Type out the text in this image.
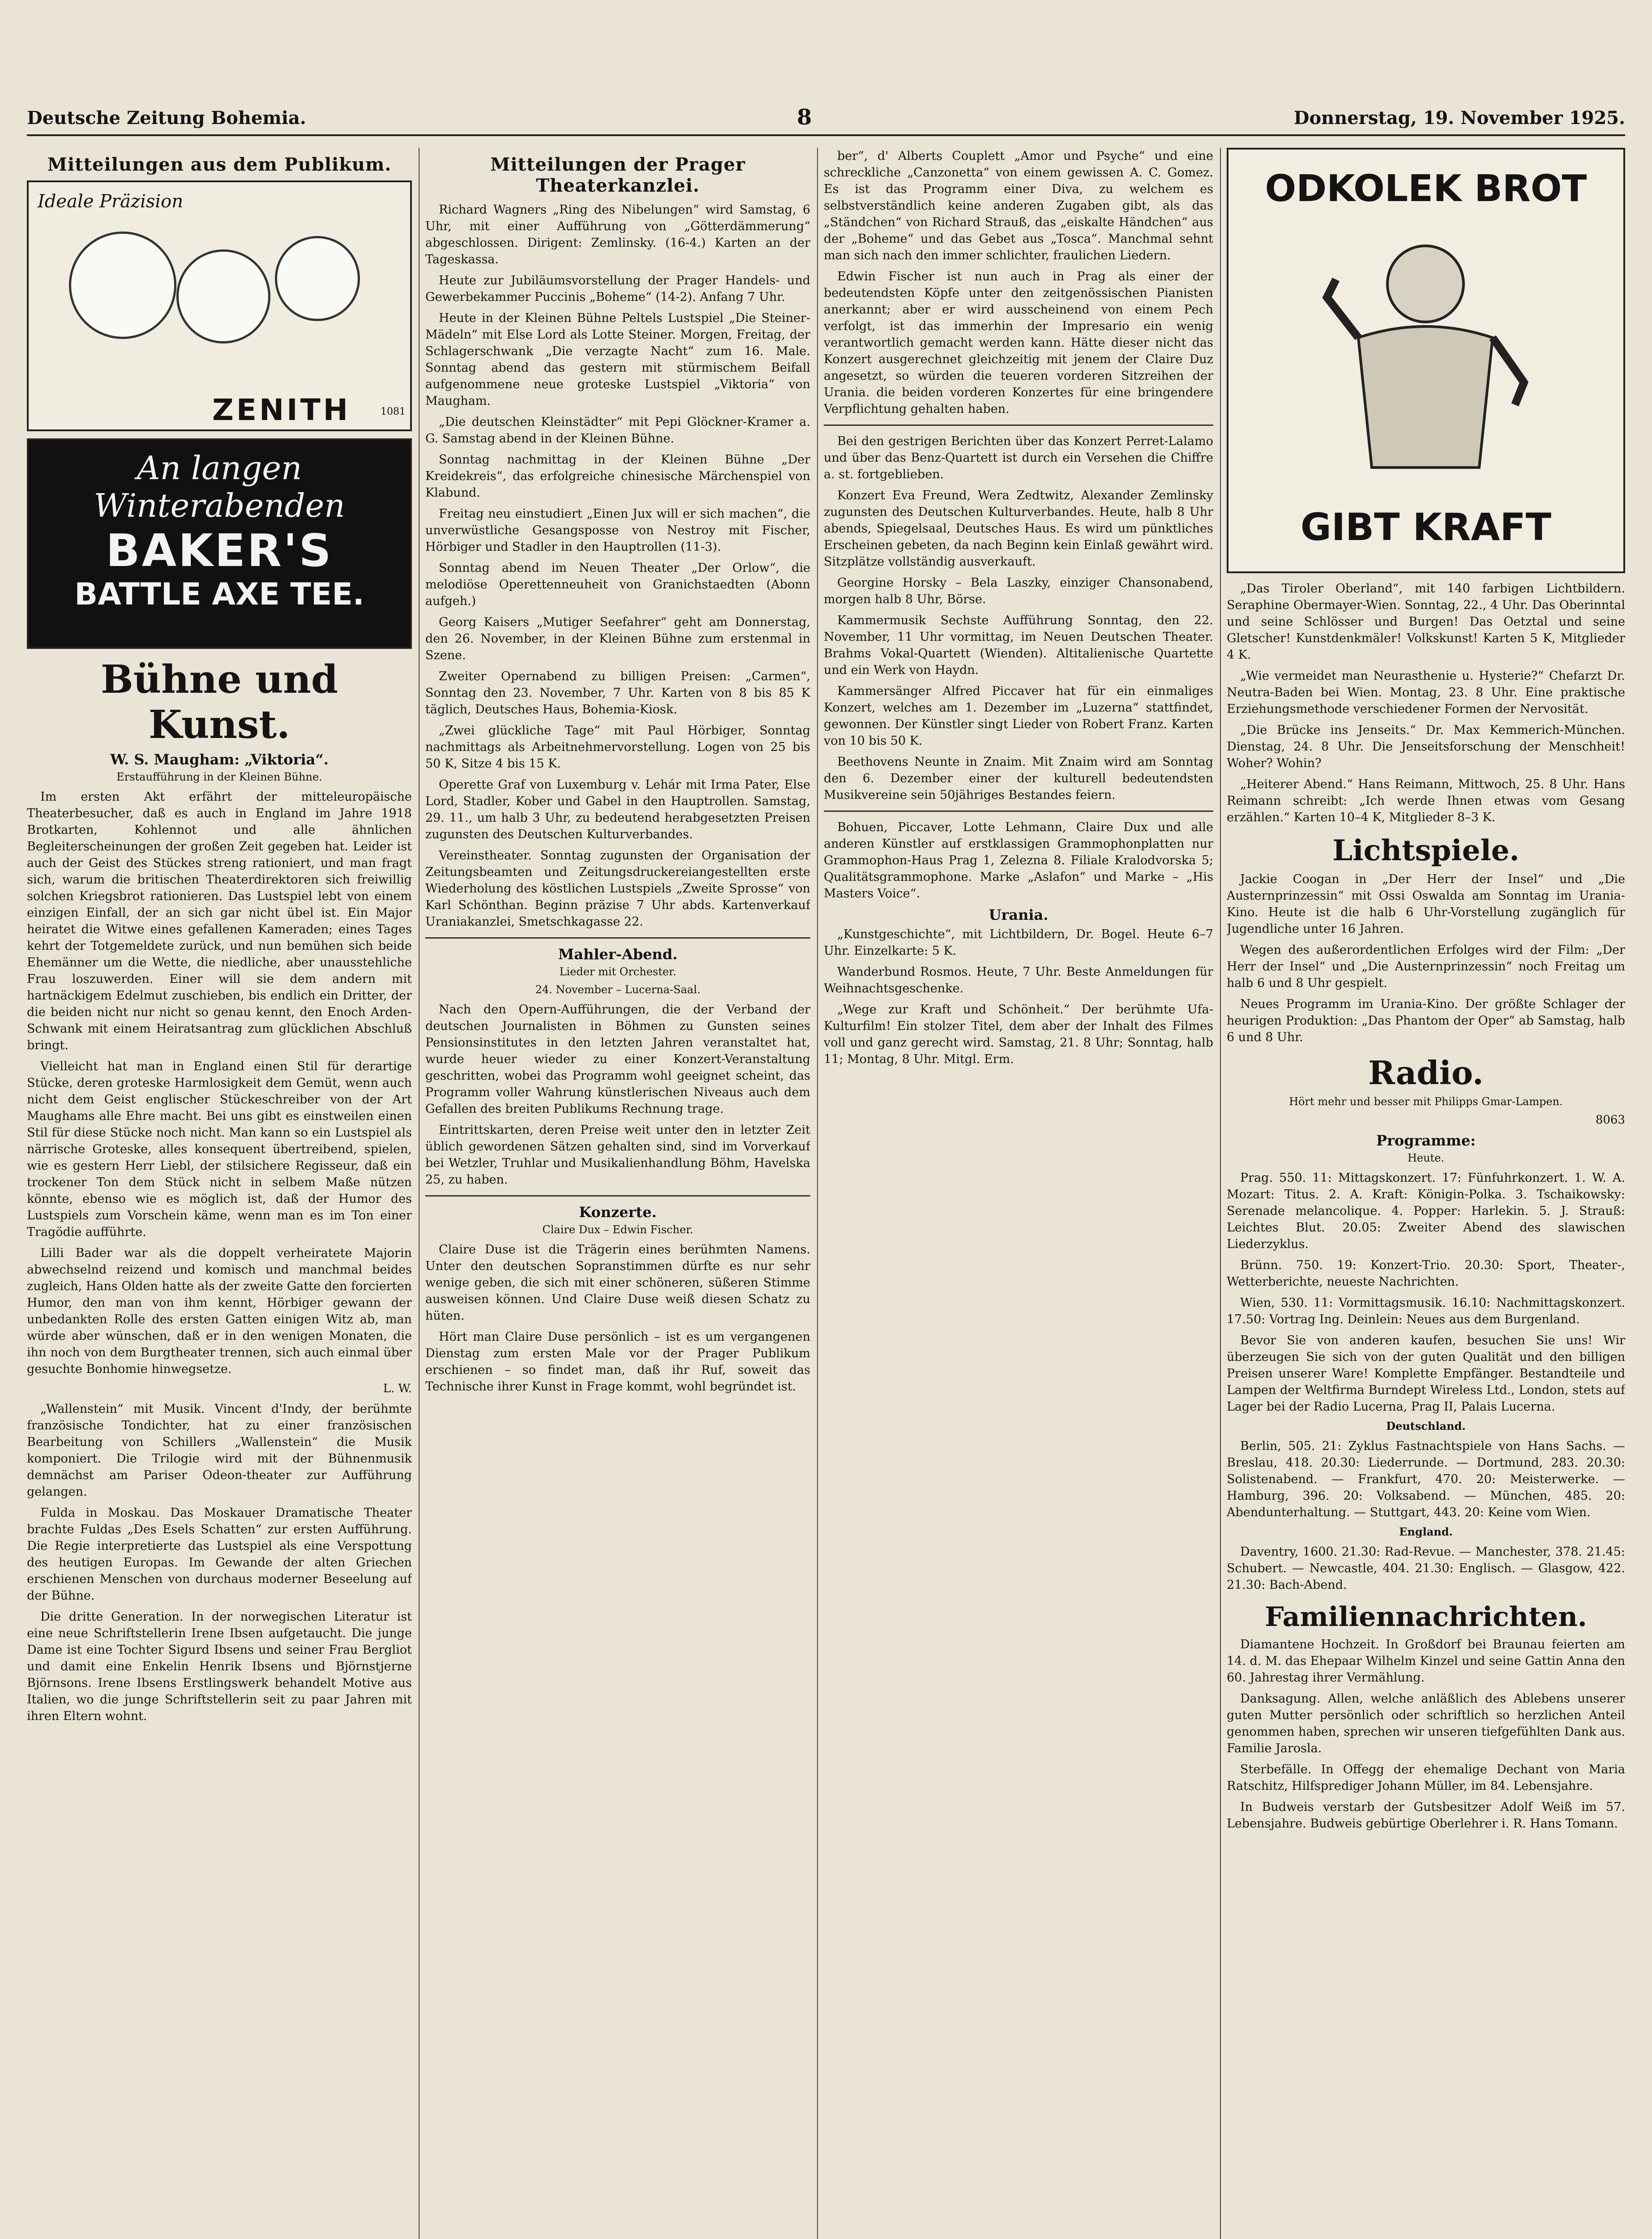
Deutsche Zeitung Bohemia.	8	Donnerstag, 19. November 1925.
Mitteilungen aus dem Publikum.
Ideale Präzision
ZENITH	1081
An langen
Winterabenden
BAKER'S
BATTLE AXE TEE.
Bühne und Kunst.
W. S. Maugham: „Viktoria“.
Erstaufführung in der Kleinen Bühne.

Im ersten Akt erfährt der mitteleuropäische Theaterbesucher, daß es auch in England im Jahre 1918 Brotkarten, Kohlennot und alle ähnlichen Begleiterscheinungen der großen Zeit gegeben hat. Leider ist auch der Geist des Stückes streng rationiert, und man fragt sich, warum die britischen Theaterdirektoren sich freiwillig solchen Kriegsbrot rationieren. Das Lustspiel lebt von einem einzigen Einfall, der an sich gar nicht übel ist. Ein Major heiratet die Witwe eines gefallenen Kameraden; eines Tages kehrt der Totgemeldete zurück, und nun bemühen sich beide Ehemänner um die Wette, die niedliche, aber unausstehliche Frau loszuwerden. Einer will sie dem andern mit hartnäckigem Edelmut zuschieben, bis endlich ein Dritter, der die beiden nicht nur nicht so genau kennt, den Enoch Arden-Schwank mit einem Heiratsantrag zum glücklichen Abschluß bringt.

Vielleicht hat man in England einen Stil für derartige Stücke, deren groteske Harmlosigkeit dem Gemüt, wenn auch nicht dem Geist englischer Stückeschreiber von der Art Maughams alle Ehre macht. Bei uns gibt es einstweilen einen Stil für diese Stücke noch nicht. Man kann so ein Lustspiel als närrische Groteske, alles konsequent übertreibend, spielen, wie es gestern Herr Liebl, der stilsichere Regisseur, daß ein trockener Ton dem Stück nicht in selbem Maße nützen könnte, ebenso wie es möglich ist, daß der Humor des Lustspiels zum Vorschein käme, wenn man es im Ton einer Tragödie aufführte.

Lilli Bader war als die doppelt verheiratete Majorin abwechselnd reizend und komisch und manchmal beides zugleich, Hans Olden hatte als der zweite Gatte den forcierten Humor, den man von ihm kennt, Hörbiger gewann der unbedankten Rolle des ersten Gatten einigen Witz ab, man würde aber wünschen, daß er in den wenigen Monaten, die ihn noch von dem Burgtheater trennen, sich auch einmal über gesuchte Bonhomie hinwegsetze.

L. W.

„Wallenstein“ mit Musik. Vincent d'Indy, der berühmte französische Tondichter, hat zu einer französischen Bearbeitung von Schillers „Wallenstein“ die Musik komponiert. Die Trilogie wird mit der Bühnenmusik demnächst am Pariser Odeon-theater zur Aufführung gelangen.

Fulda in Moskau. Das Moskauer Dramatische Theater brachte Fuldas „Des Esels Schatten“ zur ersten Aufführung. Die Regie interpretierte das Lustspiel als eine Verspottung des heutigen Europas. Im Gewande der alten Griechen erschienen Menschen von durchaus moderner Beseelung auf der Bühne.

Die dritte Generation. In der norwegischen Literatur ist eine neue Schriftstellerin Irene Ibsen aufgetaucht. Die junge Dame ist eine Tochter Sigurd Ibsens und seiner Frau Bergliot und damit eine Enkelin Henrik Ibsens und Björnstjerne Björnsons. Irene Ibsens Erstlingswerk behandelt Motive aus Italien, wo die junge Schriftstellerin seit zu paar Jahren mit ihren Eltern wohnt.

Mitteilungen der Prager Theaterkanzlei.

Richard Wagners „Ring des Nibelungen“ wird Samstag, 6 Uhr, mit einer Aufführung von „Götterdämmerung“ abgeschlossen. Dirigent: Zemlinsky. (16-4.) Karten an der Tageskassa.

Heute zur Jubiläumsvorstellung der Prager Handels- und Gewerbekammer Puccinis „Boheme“ (14-2). Anfang 7 Uhr.

Heute in der Kleinen Bühne Peltels Lustspiel „Die Steiner-Mädeln“ mit Else Lord als Lotte Steiner. Morgen, Freitag, der Schlagerschwank „Die verzagte Nacht“ zum 16. Male. Sonntag abend das gestern mit stürmischem Beifall aufgenommene neue groteske Lustspiel „Viktoria“ von Maugham.

„Die deutschen Kleinstädter“ mit Pepi Glöckner-Kramer a. G. Samstag abend in der Kleinen Bühne.

Sonntag nachmittag in der Kleinen Bühne „Der Kreidekreis“, das erfolgreiche chinesische Märchenspiel von Klabund.

Freitag neu einstudiert „Einen Jux will er sich machen“, die unverwüstliche Gesangsposse von Nestroy mit Fischer, Hörbiger und Stadler in den Hauptrollen (11-3).

Sonntag abend im Neuen Theater „Der Orlow“, die melodiöse Operettenneuheit von Granichstaedten (Abonn aufgeh.)

Georg Kaisers „Mutiger Seefahrer“ geht am Donnerstag, den 26. November, in der Kleinen Bühne zum erstenmal in Szene.

Zweiter Opernabend zu billigen Preisen: „Carmen“, Sonntag den 23. November, 7 Uhr. Karten von 8 bis 85 K täglich, Deutsches Haus, Bohemia-Kiosk.

„Zwei glückliche Tage“ mit Paul Hörbiger, Sonntag nachmittags als Arbeitnehmervorstellung. Logen von 25 bis 50 K, Sitze 4 bis 15 K.

Operette Graf von Luxemburg v. Lehár mit Irma Pater, Else Lord, Stadler, Kober und Gabel in den Hauptrollen. Samstag, 29. 11., um halb 3 Uhr, zu bedeutend herabgesetzten Preisen zugunsten des Deutschen Kulturverbandes.

Vereinstheater. Sonntag zugunsten der Organisation der Zeitungsbeamten und Zeitungsdruckereiangestellten erste Wiederholung des köstlichen Lustspiels „Zweite Sprosse“ von Karl Schönthan. Beginn präzise 7 Uhr abds. Kartenverkauf Uraniakanzlei, Smetschkagasse 22.

Mahler-Abend.
Lieder mit Orchester.
24. November – Lucerna-Saal.

Nach den Opern-Aufführungen, die der Verband der deutschen Journalisten in Böhmen zu Gunsten seines Pensionsinstitutes in den letzten Jahren veranstaltet hat, wurde heuer wieder zu einer Konzert-Veranstaltung geschritten, wobei das Programm wohl geeignet scheint, das Programm voller Wahrung künstlerischen Niveaus auch dem Gefallen des breiten Publikums Rechnung trage.

Eintrittskarten, deren Preise weit unter den in letzter Zeit üblich gewordenen Sätzen gehalten sind, sind im Vorverkauf bei Wetzler, Truhlar und Musikalienhandlung Böhm, Havelska 25, zu haben.

Konzerte.
Claire Dux – Edwin Fischer.

Claire Duse ist die Trägerin eines berühmten Namens. Unter den deutschen Sopranstimmen dürfte es nur sehr wenige geben, die sich mit einer schöneren, süßeren Stimme ausweisen können. Und Claire Duse weiß diesen Schatz zu hüten.

Hört man Claire Duse persönlich – ist es um vergangenen Dienstag zum ersten Male vor der Prager Publikum erschienen – so findet man, daß ihr Ruf, soweit das Technische ihrer Kunst in Frage kommt, wohl begründet ist.

ber“, d' Alberts Couplett „Amor und Psyche“ und eine schreckliche „Canzonetta“ von einem gewissen A. C. Gomez. Es ist das Programm einer Diva, zu welchem es selbstverständlich keine anderen Zugaben gibt, als das „Ständchen“ von Richard Strauß, das „eiskalte Händchen“ aus der „Boheme“ und das Gebet aus „Tosca“. Manchmal sehnt man sich nach den immer schlichter, fraulichen Liedern.

Edwin Fischer ist nun auch in Prag als einer der bedeutendsten Köpfe unter den zeitgenössischen Pianisten anerkannt; aber er wird ausscheinend von einem Pech verfolgt, ist das immerhin der Impresario ein wenig verantwortlich gemacht werden kann. Hätte dieser nicht das Konzert ausgerechnet gleichzeitig mit jenem der Claire Duz angesetzt, so würden die teueren vorderen Sitzreihen der Urania. die beiden vorderen Konzertes für eine bringendere Verpflichtung gehalten haben.

Bei den gestrigen Berichten über das Konzert Perret-Lalamo und über das Benz-Quartett ist durch ein Versehen die Chiffre a. st. fortgeblieben.

Konzert Eva Freund, Wera Zedtwitz, Alexander Zemlinsky zugunsten des Deutschen Kulturverbandes. Heute, halb 8 Uhr abends, Spiegelsaal, Deutsches Haus. Es wird um pünktliches Erscheinen gebeten, da nach Beginn kein Einlaß gewährt wird. Sitzplätze vollständig ausverkauft.

Georgine Horsky – Bela Laszky, einziger Chansonabend, morgen halb 8 Uhr, Börse.

Kammermusik Sechste Aufführung Sonntag, den 22. November, 11 Uhr vormittag, im Neuen Deutschen Theater. Brahms Vokal-Quartett (Wienden). Altitalienische Quartette und ein Werk von Haydn.

Kammersänger Alfred Piccaver hat für ein einmaliges Konzert, welches am 1. Dezember im „Luzerna“ stattfindet, gewonnen. Der Künstler singt Lieder von Robert Franz. Karten von 10 bis 50 K.

Beethovens Neunte in Znaim. Mit Znaim wird am Sonntag den 6. Dezember einer der kulturell bedeutendsten Musikvereine sein 50jähriges Bestandes feiern.

Bohuen, Piccaver, Lotte Lehmann, Claire Dux und alle anderen Künstler auf erstklassigen Grammophonplatten nur Grammophon-Haus Prag 1, Zelezna 8. Filiale Kralodvorska 5; Qualitätsgrammophone. Marke „Aslafon“ und Marke – „His Masters Voice“.

Urania.

„Kunstgeschichte“, mit Lichtbildern, Dr. Bogel. Heute 6–7 Uhr. Einzelkarte: 5 K.

Wanderbund Rosmos. Heute, 7 Uhr. Beste Anmeldungen für Weihnachtsgeschenke.

„Wege zur Kraft und Schönheit.“ Der berühmte Ufa-Kulturfilm! Ein stolzer Titel, dem aber der Inhalt des Filmes voll und ganz gerecht wird. Samstag, 21. 8 Uhr; Sonntag, halb 11; Montag, 8 Uhr. Mitgl. Erm.

ODKOLEK BROT
GIBT KRAFT

„Das Tiroler Oberland“, mit 140 farbigen Lichtbildern. Seraphine Obermayer-Wien. Sonntag, 22., 4 Uhr. Das Oberinntal und seine Schlösser und Burgen! Das Oetztal und seine Gletscher! Kunstdenkmäler! Volkskunst! Karten 5 K, Mitglieder 4 K.

„Wie vermeidet man Neurasthenie u. Hysterie?“ Chefarzt Dr. Neutra-Baden bei Wien. Montag, 23. 8 Uhr. Eine praktische Erziehungsmethode verschiedener Formen der Nervosität.

„Die Brücke ins Jenseits.“ Dr. Max Kemmerich-München. Dienstag, 24. 8 Uhr. Die Jenseitsforschung der Menschheit! Woher? Wohin?

„Heiterer Abend.“ Hans Reimann, Mittwoch, 25. 8 Uhr. Hans Reimann schreibt: „Ich werde Ihnen etwas vom Gesang erzählen.“ Karten 10–4 K, Mitglieder 8–3 K.

Lichtspiele.

Jackie Coogan in „Der Herr der Insel“ und „Die Austernprinzessin“ mit Ossi Oswalda am Sonntag im Urania-Kino. Heute ist die halb 6 Uhr-Vorstellung zugänglich für Jugendliche unter 16 Jahren.

Wegen des außerordentlichen Erfolges wird der Film: „Der Herr der Insel“ und „Die Austernprinzessin“ noch Freitag um halb 6 und 8 Uhr gespielt.

Neues Programm im Urania-Kino. Der größte Schlager der heurigen Produktion: „Das Phantom der Oper“ ab Samstag, halb 6 und 8 Uhr.

Radio.
Hört mehr und besser mit Philipps Gmar-Lampen.
8063
Programme:
Heute.

Prag. 550. 11: Mittagskonzert. 17: Fünfuhrkonzert. 1. W. A. Mozart: Titus. 2. A. Kraft: Königin-Polka. 3. Tschaikowsky: Serenade melancolique. 4. Popper: Harlekin. 5. J. Strauß: Leichtes Blut. 20.05: Zweiter Abend des slawischen Liederzyklus.

Brünn. 750. 19: Konzert-Trio. 20.30: Sport, Theater-, Wetterberichte, neueste Nachrichten.

Wien, 530. 11: Vormittagsmusik. 16.10: Nachmittagskonzert. 17.50: Vortrag Ing. Deinlein: Neues aus dem Burgenland.

Bevor Sie von anderen kaufen, besuchen Sie uns! Wir überzeugen Sie sich von der guten Qualität und den billigen Preisen unserer Ware! Komplette Empfänger. Bestandteile und Lampen der Weltfirma Burndept Wireless Ltd., London, stets auf Lager bei der Radio Lucerna, Prag II, Palais Lucerna.

Deutschland.

Berlin, 505. 21: Zyklus Fastnachtspiele von Hans Sachs. — Breslau, 418. 20.30: Liederrunde. — Dortmund, 283. 20.30: Solistenabend. — Frankfurt, 470. 20: Meisterwerke. — Hamburg, 396. 20: Volksabend. — München, 485. 20: Abendunterhaltung. — Stuttgart, 443. 20: Keine vom Wien.

England.

Daventry, 1600. 21.30: Rad-Revue. — Manchester, 378. 21.45: Schubert. — Newcastle, 404. 21.30: Englisch. — Glasgow, 422. 21.30: Bach-Abend.

Familiennachrichten.

Diamantene Hochzeit. In Großdorf bei Braunau feierten am 14. d. M. das Ehepaar Wilhelm Kinzel und seine Gattin Anna den 60. Jahrestag ihrer Vermählung.

Danksagung. Allen, welche anläßlich des Ablebens unserer guten Mutter persönlich oder schriftlich so herzlichen Anteil genommen haben, sprechen wir unseren tiefgefühlten Dank aus. Familie Jarosla.

Sterbefälle. In Offegg der ehemalige Dechant von Maria Ratschitz, Hilfsprediger Johann Müller, im 84. Lebensjahre.

In Budweis verstarb der Gutsbesitzer Adolf Weiß im 57. Lebensjahre. Budweis gebürtige Oberlehrer i. R. Hans Tomann.
